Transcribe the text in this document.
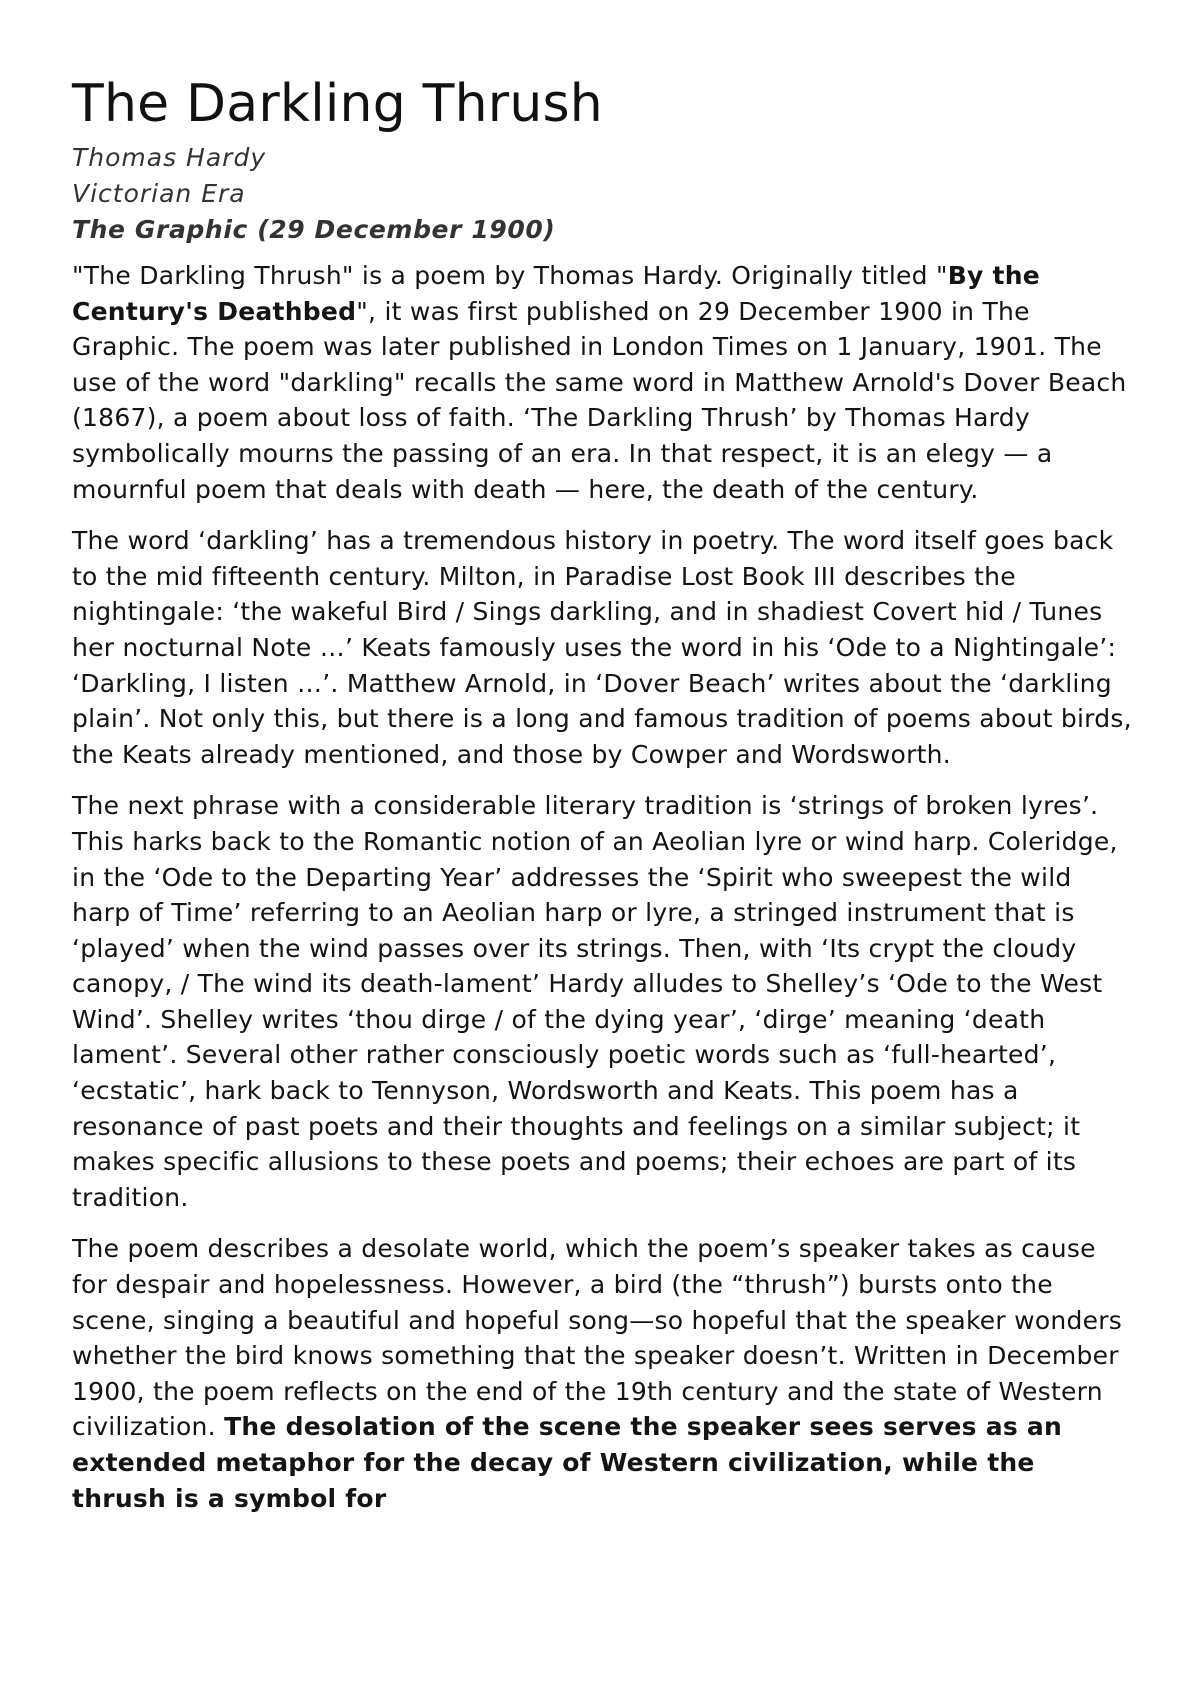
The Darkling Thrush

Thomas Hardy

Victorian Era

The Graphic (29 December 1900)

"The Darkling Thrush" is a poem by Thomas Hardy. Originally titled "By the Century's Deathbed", it was first published on 29 December 1900 in The Graphic. The poem was later published in London Times on 1 January, 1901. The use of the word "darkling" recalls the same word in Matthew Arnold's Dover Beach (1867), a poem about loss of faith. ‘The Darkling Thrush’ by Thomas Hardy symbolically mourns the passing of an era. In that respect, it is an elegy — a mournful poem that deals with death — here, the death of the century.

The word ‘darkling’ has a tremendous history in poetry. The word itself goes back to the mid fifteenth century. Milton, in Paradise Lost Book III describes the nightingale: ‘the wakeful Bird / Sings darkling, and in shadiest Covert hid / Tunes her nocturnal Note …’ Keats famously uses the word in his ‘Ode to a Nightingale’: ‘Darkling, I listen …’. Matthew Arnold, in ‘Dover Beach’ writes about the ‘darkling plain’. Not only this, but there is a long and famous tradition of poems about birds, the Keats already mentioned, and those by Cowper and Wordsworth.

The next phrase with a considerable literary tradition is ‘strings of broken lyres’. This harks back to the Romantic notion of an Aeolian lyre or wind harp. Coleridge, in the ‘Ode to the Departing Year’ addresses the ‘Spirit who sweepest the wild harp of Time’ referring to an Aeolian harp or lyre, a stringed instrument that is ‘played’ when the wind passes over its strings. Then, with ‘Its crypt the cloudy canopy, / The wind its death-lament’ Hardy alludes to Shelley’s ‘Ode to the West Wind’. Shelley writes ‘thou dirge / of the dying year’, ‘dirge’ meaning ‘death lament’. Several other rather consciously poetic words such as ‘full-hearted’, ‘ecstatic’, hark back to Tennyson, Wordsworth and Keats. This poem has a resonance of past poets and their thoughts and feelings on a similar subject; it makes specific allusions to these poets and poems; their echoes are part of its tradition.

The poem describes a desolate world, which the poem’s speaker takes as cause for despair and hopelessness. However, a bird (the “thrush”) bursts onto the scene, singing a beautiful and hopeful song—so hopeful that the speaker wonders whether the bird knows something that the speaker doesn’t. Written in December 1900, the poem reflects on the end of the 19th century and the state of Western civilization. The desolation of the scene the speaker sees serves as an extended metaphor for the decay of Western civilization, while the thrush is a symbol for
